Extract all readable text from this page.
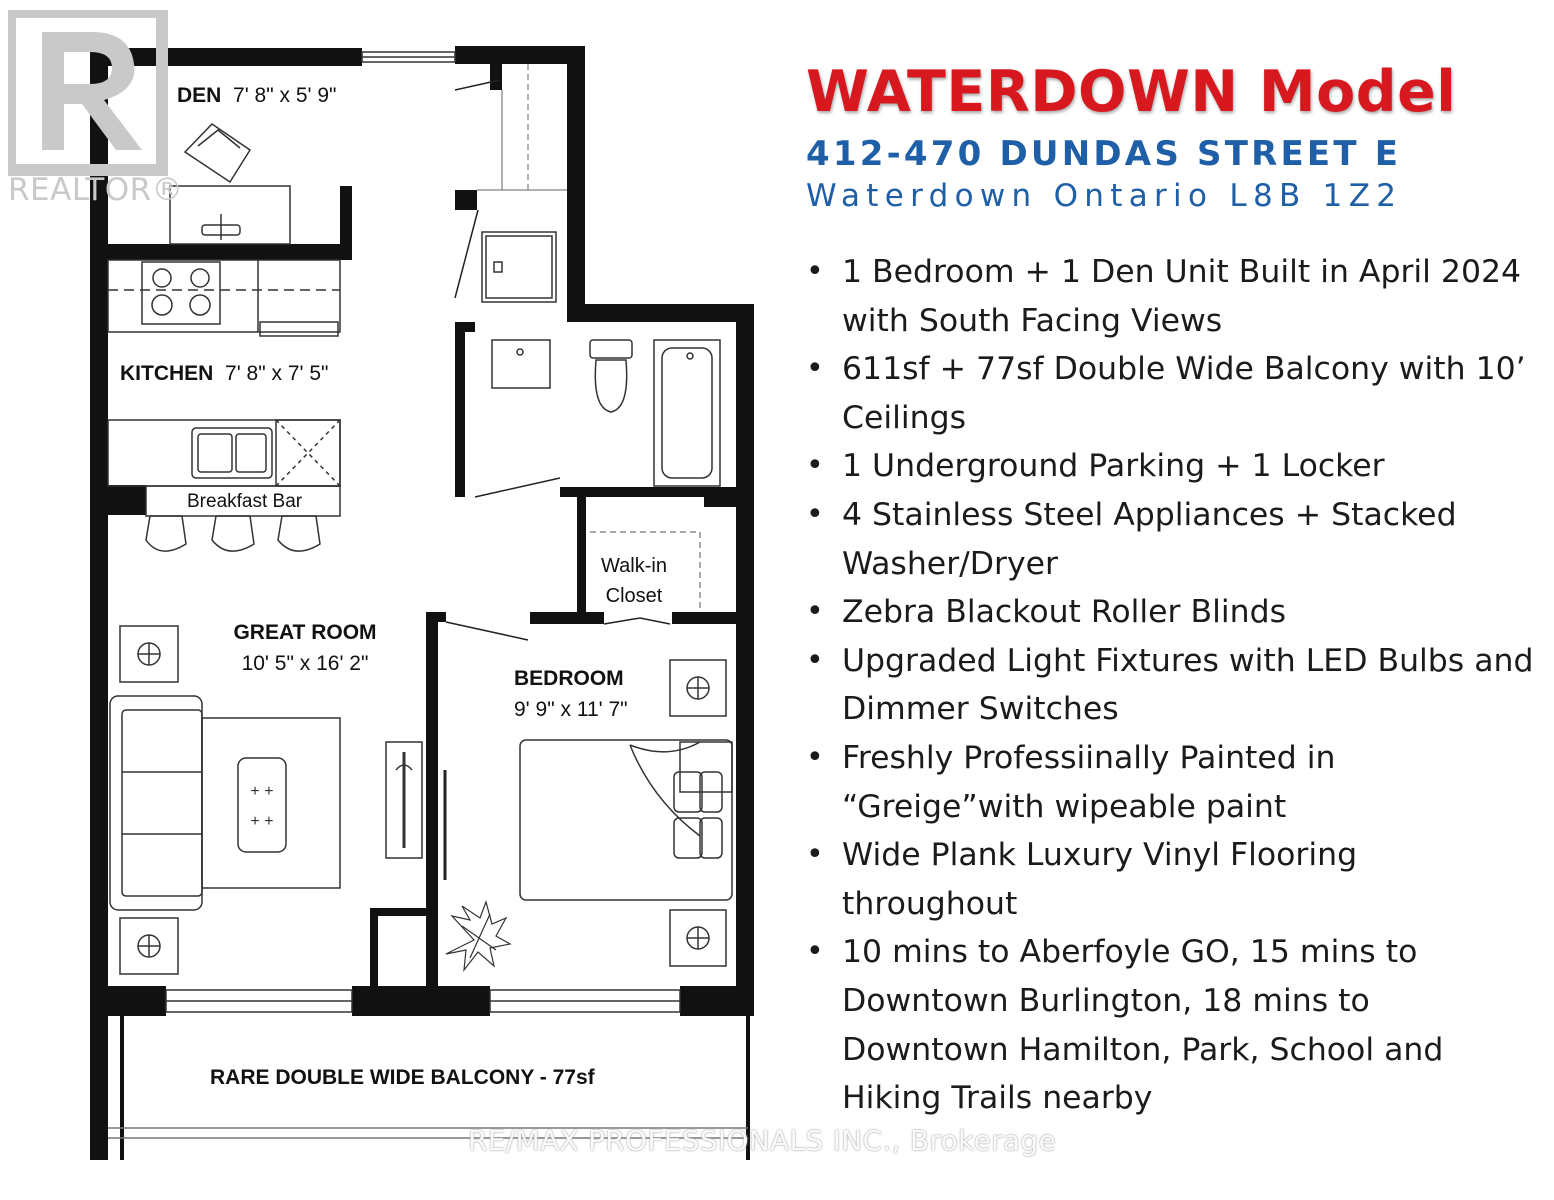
+ +
+ +
DEN 7' 8" x 5' 9"
KITCHEN 7' 8" x 7' 5"
Breakfast Bar
GREAT ROOM
10' 5" x 16' 2"
BEDROOM
9' 9" x 11' 7"
Walk-in
Closet
RARE DOUBLE WIDE BALCONY - 77sf
REALTOR®
WATERDOWN Model
412-470 DUNDAS STREET E
Waterdown Ontario L8B 1Z2
• 1 Bedroom + 1 Den Unit Built in April 2024 with South Facing Views
• 611sf + 77sf Double Wide Balcony with 10’ Ceilings
• 1 Underground Parking + 1 Locker
• 4 Stainless Steel Appliances + Stacked Washer/Dryer
• Zebra Blackout Roller Blinds
• Upgraded Light Fixtures with LED Bulbs and Dimmer Switches
• Freshly Professiinally Painted in “Greige”with wipeable paint
• Wide Plank Luxury Vinyl Flooring throughout
• 10 mins to Aberfoyle GO, 15 mins to Downtown Burlington, 18 mins to Downtown Hamilton, Park, School and Hiking Trails nearby
RE/MAX PROFESSIONALS INC., Brokerage
